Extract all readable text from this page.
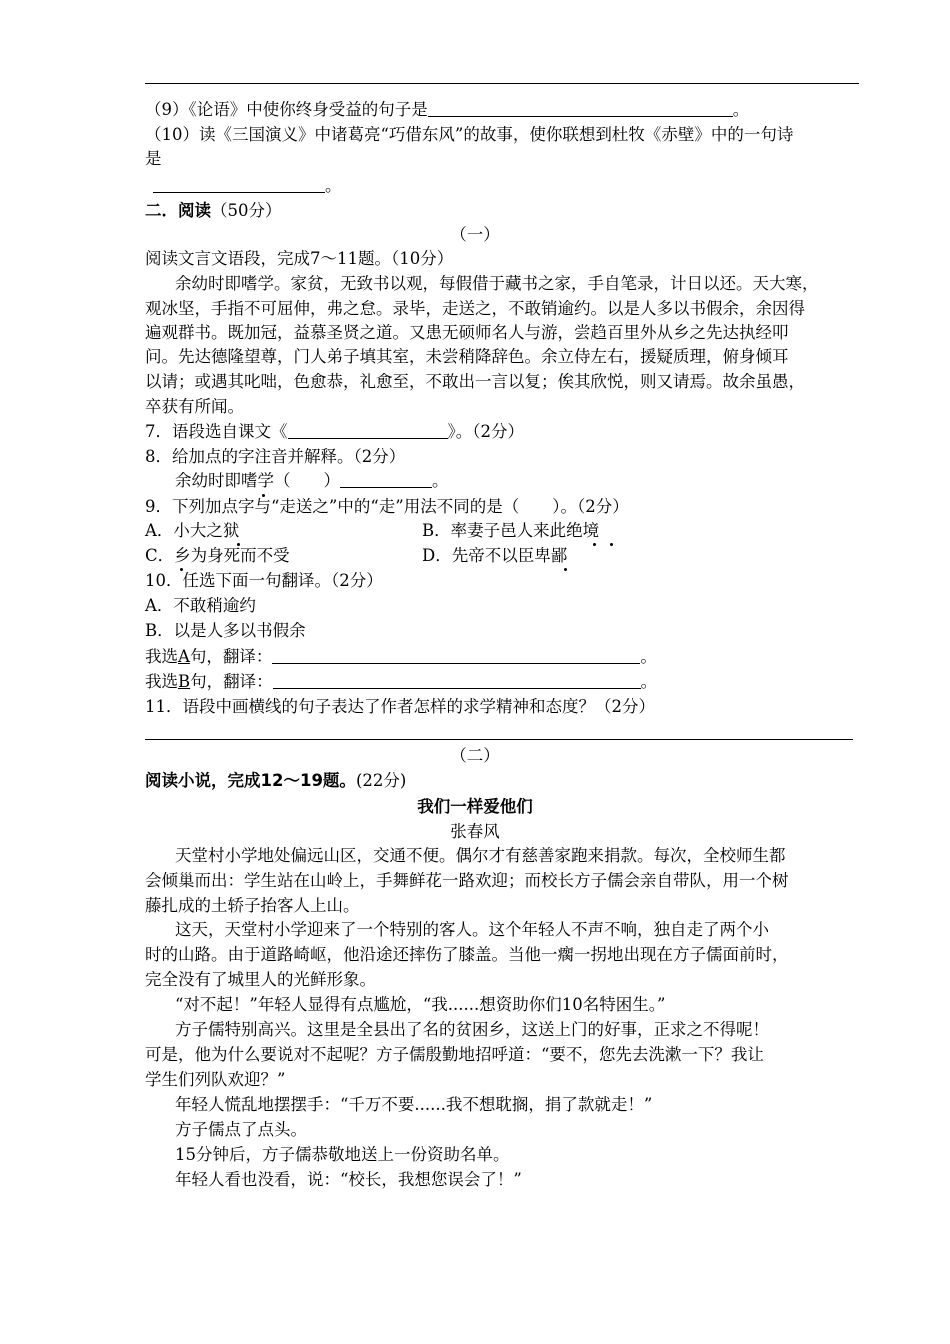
（9）《论语》中使你终身受益的句子是	。
（10）读《三国演义》中诸葛亮“巧借东风”的故事，使你联想到杜牧《赤壁》中的一句诗
是
。
二．阅读（50分）
（一）
阅读文言文语段，完成7～11题。（10分）
余幼时即嗜学。家贫，无致书以观，每假借于藏书之家，手自笔录，计日以还。天大寒，
观冰坚，手指不可屈伸，弗之怠。录毕，走送之，不敢销逾约。以是人多以书假余，余因得
遍观群书。既加冠，益慕圣贤之道。又患无硕师名人与游，尝趋百里外从乡之先达执经叩
问。先达德隆望尊，门人弟子填其室，未尝稍降辞色。余立侍左右，援疑质理，俯身倾耳
以请；或遇其叱咄，色愈恭，礼愈至，不敢出一言以复；俟其欣悦，则又请焉。故余虽愚，
卒获有所闻。
7．语段选自课文《	》。（2分）
8．给加点的字注音并解释。（2分）
余幼时即嗜学（　　）	。
9．下列加点字与“走送之”中的“走”用法不同的是（　　）。（2分）
A．小大之狱	B．率妻子邑人来此绝境
C．乡为身死而不受	D．先帝不以臣卑鄙
10．任选下面一句翻译。（2分）
A．不敢稍逾约
B．以是人多以书假余
我选A句，翻译：	。
我选B句，翻译：	。
11．语段中画横线的句子表达了作者怎样的求学精神和态度？（2分）
（二）
阅读小说，完成12～19题。(22分)
我们一样爱他们
张春风
天堂村小学地处偏远山区，交通不便。偶尔才有慈善家跑来捐款。每次，全校师生都
会倾巢而出：学生站在山岭上，手舞鲜花一路欢迎；而校长方子儒会亲自带队，用一个树
藤扎成的土轿子抬客人上山。
这天，天堂村小学迎来了一个特别的客人。这个年轻人不声不响，独自走了两个小
时的山路。由于道路崎岖，他沿途还摔伤了膝盖。当他一瘸一拐地出现在方子儒面前时，
完全没有了城里人的光鲜形象。
“对不起！”年轻人显得有点尴尬，“我......想资助你们10名特困生。”
方子儒特别高兴。这里是全县出了名的贫困乡，这送上门的好事，正求之不得呢！
可是，他为什么要说对不起呢？方子儒殷勤地招呼道：“要不，您先去洗漱一下？我让
学生们列队欢迎？”
年轻人慌乱地摆摆手：“千万不要......我不想耽搁，捐了款就走！”
方子儒点了点头。
15分钟后，方子儒恭敬地送上一份资助名单。
年轻人看也没看，说：“校长，我想您误会了！”
